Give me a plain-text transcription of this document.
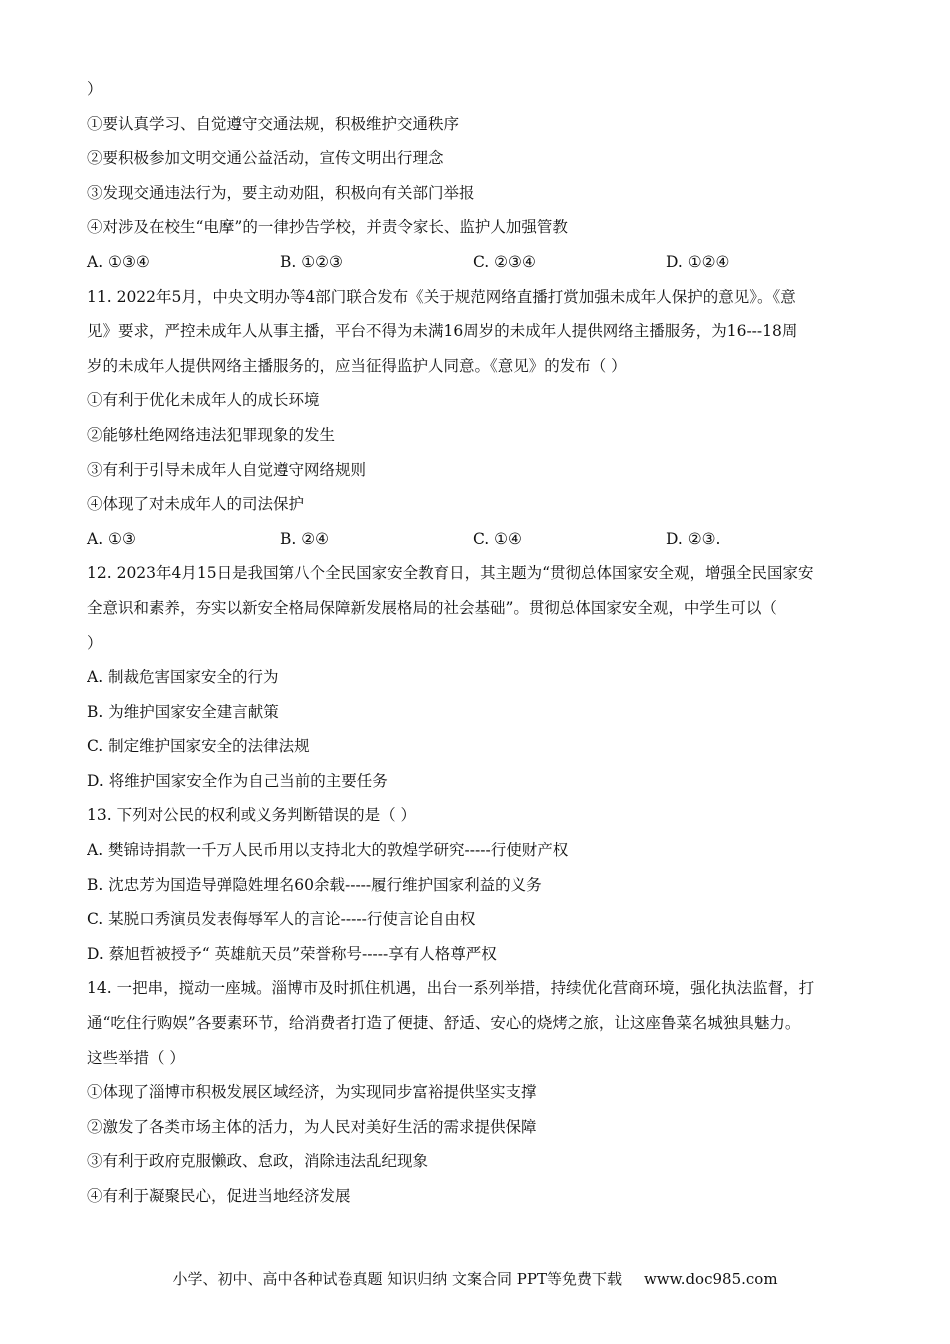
）
①要认真学习、自觉遵守交通法规，积极维护交通秩序
②要积极参加文明交通公益活动，宣传文明出行理念
③发现交通违法行为，要主动劝阻，积极向有关部门举报
④对涉及在校生“电摩”的一律抄告学校，并责令家长、监护人加强管教
A. ①③④	B. ①②③	C. ②③④	D. ①②④
11. 2022年5月，中央文明办等4部门联合发布《关于规范网络直播打赏加强未成年人保护的意见》。《意
见》要求，严控未成年人从事主播，平台不得为未满16周岁的未成年人提供网络主播服务，为16---18周
岁的未成年人提供网络主播服务的，应当征得监护人同意。《意见》的发布（ ）
①有利于优化未成年人的成长环境
②能够杜绝网络违法犯罪现象的发生
③有利于引导未成年人自觉遵守网络规则
④体现了对未成年人的司法保护
A. ①③	B. ②④	C. ①④	D. ②③.
12. 2023年4月15日是我国第八个全民国家安全教育日，其主题为“贯彻总体国家安全观，增强全民国家安
全意识和素养，夯实以新安全格局保障新发展格局的社会基础”。贯彻总体国家安全观，中学生可以（
）
A. 制裁危害国家安全的行为
B. 为维护国家安全建言献策
C. 制定维护国家安全的法律法规
D. 将维护国家安全作为自己当前的主要任务
13. 下列对公民的权利或义务判断错误的是（ ）
A. 樊锦诗捐款一千万人民币用以支持北大的敦煌学研究-----行使财产权
B. 沈忠芳为国造导弹隐姓埋名60余载-----履行维护国家利益的义务
C. 某脱口秀演员发表侮辱军人的言论-----行使言论自由权
D. 蔡旭哲被授予“ 英雄航天员”荣誉称号-----享有人格尊严权
14. 一把串，搅动一座城。淄博市及时抓住机遇，出台一系列举措，持续优化营商环境，强化执法监督，打
通“吃住行购娱”各要素环节，给消费者打造了便捷、舒适、安心的烧烤之旅，让这座鲁菜名城独具魅力。
这些举措（ ）
①体现了淄博市积极发展区域经济，为实现同步富裕提供坚实支撑
②激发了各类市场主体的活力，为人民对美好生活的需求提供保障
③有利于政府克服懒政、怠政，消除违法乱纪现象
④有利于凝聚民心，促进当地经济发展
小学、初中、高中各种试卷真题 知识归纳 文案合同 PPT等免费下载 www.doc985.com
